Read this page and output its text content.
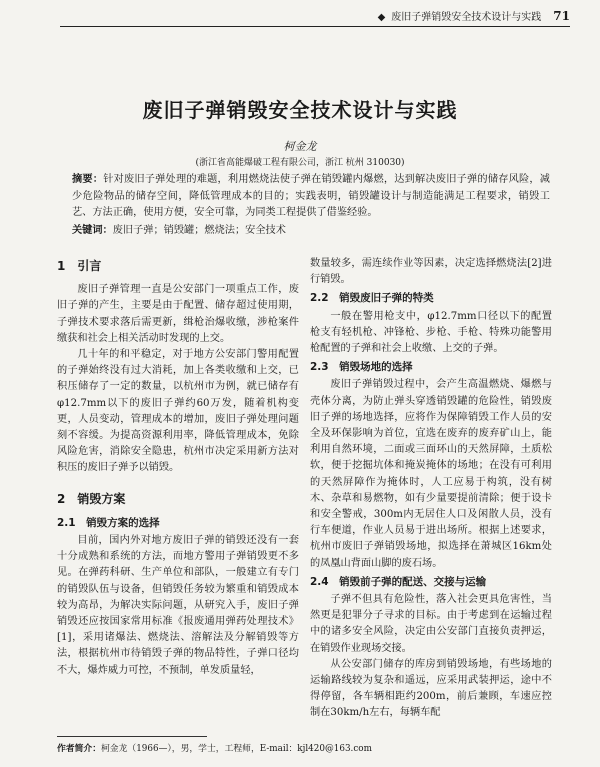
◆ 废旧子弹销毁安全技术设计与实践 71
废旧子弹销毁安全技术设计与实践
柯金龙
(浙江省高能爆破工程有限公司，浙江 杭州 310030)
摘要：针对废旧子弹处理的难题，利用燃烧法使子弹在销毁罐内爆燃，达到解决废旧子弹的储存风险，减少危险物品的储存空间，降低管理成本的目的；实践表明，销毁罐设计与制造能满足工程要求，销毁工艺、方法正确，使用方便，安全可靠，为同类工程提供了借鉴经验。
关键词：废旧子弹；销毁罐；燃烧法；安全技术
1　引言

废旧子弹管理一直是公安部门一项重点工作，废旧子弹的产生，主要是由于配置、储存超过使用期，子弹技术要求落后需更新，缉枪治爆收缴，涉枪案件缴获和社会上相关活动时发现的上交。

几十年的和平稳定，对于地方公安部门警用配置的子弹始终没有过大消耗，加上各类收缴和上交，已积压储存了一定的数量，以杭州市为例，就已储存有φ12.7mm以下的废旧子弹约60万发，随着机构变更，人员变动，管理成本的增加，废旧子弹处理问题刻不容缓。为提高资源利用率，降低管理成本，免除风险危害，消除安全隐患，杭州市决定采用新方法对积压的废旧子弹予以销毁。

2　销毁方案
2.1　销毁方案的选择

目前，国内外对地方废旧子弹的销毁还没有一套十分成熟和系统的方法，而地方警用子弹销毁更不多见。在弹药科研、生产单位和部队，一般建立有专门的销毁队伍与设备，但销毁任务较为繁重和销毁成本较为高昂，为解决实际问题，从研究入手，废旧子弹销毁还应按国家常用标准《报废通用弹药处理技术》[1]，采用诸爆法、燃烧法、溶解法及分解销毁等方法，根据杭州市待销毁子弹的物品特性，子弹口径均不大，爆炸威力可控，不预制，单发质量轻，

数量较多，需连续作业等因素，决定选择燃烧法[2]进行销毁。

2.2　销毁废旧子弹的特类

一般在警用枪支中，φ12.7mm口径以下的配置枪支有轻机枪、冲锋枪、步枪、手枪、特殊功能警用枪配置的子弹和社会上收缴、上交的子弹。

2.3　销毁场地的选择

废旧子弹销毁过程中，会产生高温燃烧、爆燃与壳体分离，为防止弹头穿透销毁罐的危险性，销毁废旧子弹的场地选择，应将作为保障销毁工作人员的安全及环保影响为首位，宜选在废弃的废弃矿山上，能利用自然环境，二面或三面环山的天然屏障，土质松软，便于挖掘坑体和掩炭掩体的场地；在没有可利用的天然屏障作为掩体时，人工应易于构筑，没有树木、杂草和易燃物，如有少量要提前清除；便于设卡和安全警戒，300m内无居住人口及闲散人员，没有行车便道，作业人员易于进出场所。根据上述要求，杭州市废旧子弹销毁场地，拟选择在萧城区16km处的凤凰山背面山脚的废石场。

2.4　销毁前子弹的配送、交接与运输

子弹不但具有危险性，落入社会更具危害性，当然更是犯罪分子寻求的目标。由于考虑到在运输过程中的诸多安全风险，决定由公安部门直接负责押运，在销毁作业现场交接。

从公安部门储存的库房到销毁场地，有些场地的运输路线较为复杂和遥远，应采用武装押运，途中不得停留，各车辆相距约200m，前后兼顾，车速应控制在30km/h左右，每辆车配

作者简介：柯金龙（1966—），男，学士，工程师，E-mail：kjl420@163.com
